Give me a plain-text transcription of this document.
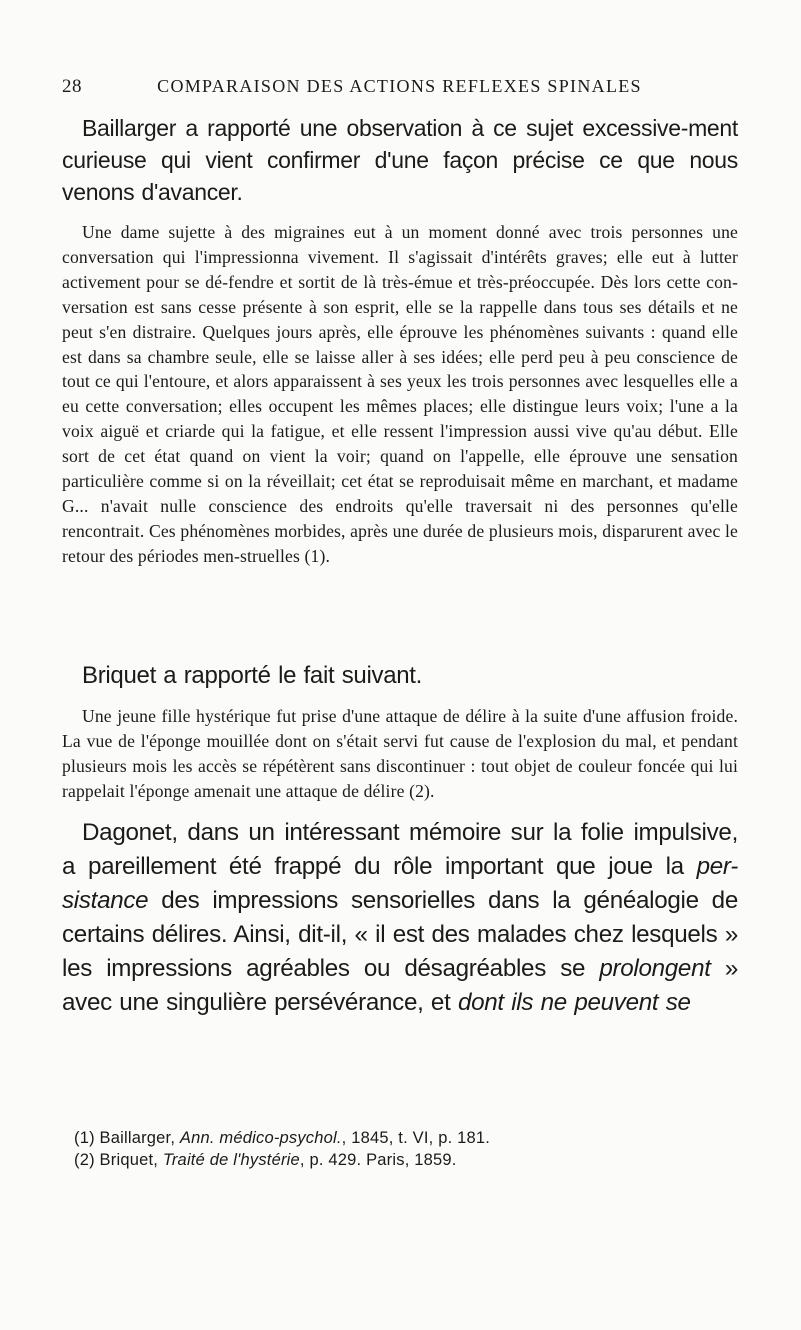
28	COMPARAISON DES ACTIONS REFLEXES SPINALES

Baillarger a rapporté une observation à ce sujet excessive-ment curieuse qui vient confirmer d'une façon précise ce que nous venons d'avancer.

Une dame sujette à des migraines eut à un moment donné avec trois personnes une conversation qui l'impressionna vivement. Il s'agissait d'intérêts graves; elle eut à lutter activement pour se dé-fendre et sortit de là très-émue et très-préoccupée. Dès lors cette con-versation est sans cesse présente à son esprit, elle se la rappelle dans tous ses détails et ne peut s'en distraire. Quelques jours après, elle éprouve les phénomènes suivants : quand elle est dans sa chambre seule, elle se laisse aller à ses idées; elle perd peu à peu conscience de tout ce qui l'entoure, et alors apparaissent à ses yeux les trois personnes avec lesquelles elle a eu cette conversation; elles occupent les mêmes places; elle distingue leurs voix; l'une a la voix aiguë et criarde qui la fatigue, et elle ressent l'impression aussi vive qu'au début. Elle sort de cet état quand on vient la voir; quand on l'appelle, elle éprouve une sensation particulière comme si on la réveillait; cet état se reproduisait même en marchant, et madame G... n'avait nulle conscience des endroits qu'elle traversait ni des personnes qu'elle rencontrait. Ces phénomènes morbides, après une durée de plusieurs mois, disparurent avec le retour des périodes men-struelles (1).

Briquet a rapporté le fait suivant.

Une jeune fille hystérique fut prise d'une attaque de délire à la suite d'une affusion froide. La vue de l'éponge mouillée dont on s'était servi fut cause de l'explosion du mal, et pendant plusieurs mois les accès se répétèrent sans discontinuer : tout objet de couleur foncée qui lui rappelait l'éponge amenait une attaque de délire (2).

Dagonet, dans un intéressant mémoire sur la folie impulsive, a pareillement été frappé du rôle important que joue la per-sistance des impressions sensorielles dans la généalogie de certains délires. Ainsi, dit-il, « il est des malades chez lesquels » les impressions agréables ou désagréables se prolongent » avec une singulière persévérance, et dont ils ne peuvent se

(1) Baillarger, Ann. médico-psychol., 1845, t. VI, p. 181.
(2) Briquet, Traité de l'hystérie, p. 429. Paris, 1859.
